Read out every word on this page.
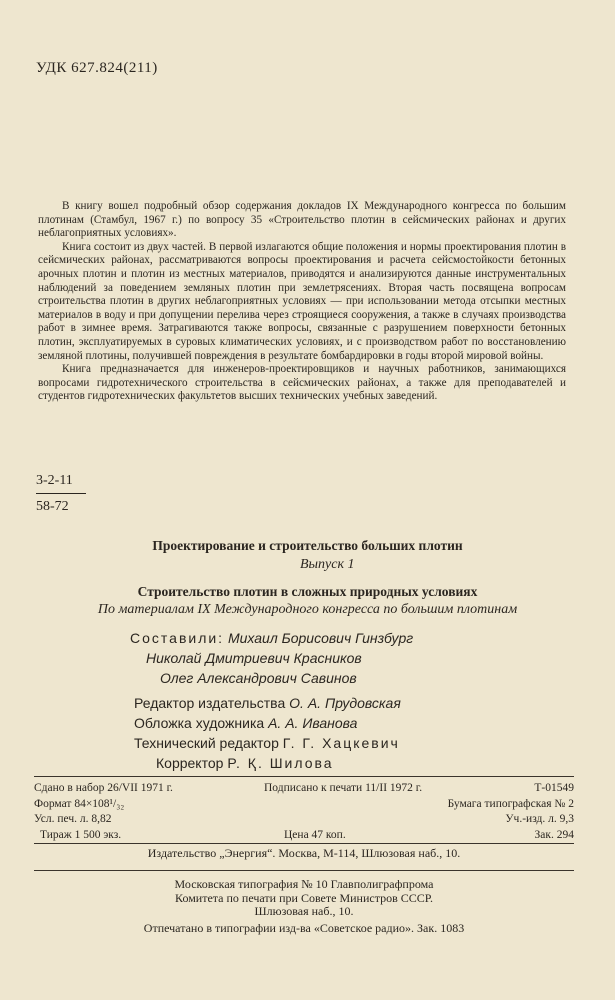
УДК 627.824(211)

В книгу вошел подробный обзор содержания докладов IX Международного конгресса по большим плотинам (Стамбул, 1967 г.) по вопросу 35 «Строительство плотин в сейсмических районах и других неблагоприятных условиях».

Книга состоит из двух частей. В первой излагаются общие положения и нормы проектирования плотин в сейсмических районах, рассматриваются вопросы проектирования и расчета сейсмостойкости бетонных арочных плотин и плотин из местных материалов, приводятся и анализируются данные инструментальных наблюдений за поведением земляных плотин при землетрясениях. Вторая часть посвящена вопросам строительства плотин в других неблагоприятных условиях — при использовании метода отсыпки местных материалов в воду и при допущении перелива через строящиеся сооружения, а также в случаях производства работ в зимнее время. Затрагиваются также вопросы, связанные с разрушением поверхности бетонных плотин, эксплуатируемых в суровых климатических условиях, и с производством работ по восстановлению земляной плотины, получившей повреждения в результате бомбардировки в годы второй мировой войны.

Книга предназначается для инженеров-проектировщиков и научных работников, занимающихся вопросами гидротехнического строительства в сейсмических районах, а также для преподавателей и студентов гидротехнических факультетов высших технических учебных заведений.

$\frac{3-2-11}{58-72}$
Проектирование и строительство больших плотин
Выпуск 1
Строительство плотин в сложных природных условиях
По материалам IX Международного конгресса по большим плотинам
Составили: Михаил Борисович Гинзбург
Николай Дмитриевич Красников
Олег Александрович Савинов
Редактор издательства О. А. Прудовская
Обложка художника А. А. Иванова
Технический редактор Г. Г. Хацкевич
Корректор Р. Қ. Шилова
Сдано в набор 26/VII 1971 г.	Подписано к печати 11/II 1972 г.	Т-01549
Формат 84×108¹/₃₂	Бумага типографская № 2
Усл. печ. л. 8,82	Уч.-изд. л. 9,3
Тираж 1 500 экз.	Цена 47 коп.	Зак. 294
Издательство „Энергия“. Москва, М-114, Шлюзовая наб., 10.
Московская типография № 10 Главполиграфпрома
Комитета по печати при Совете Министров СССР.
Шлюзовая наб., 10.
Отпечатано в типографии изд-ва «Советское радио». Зак. 1083
